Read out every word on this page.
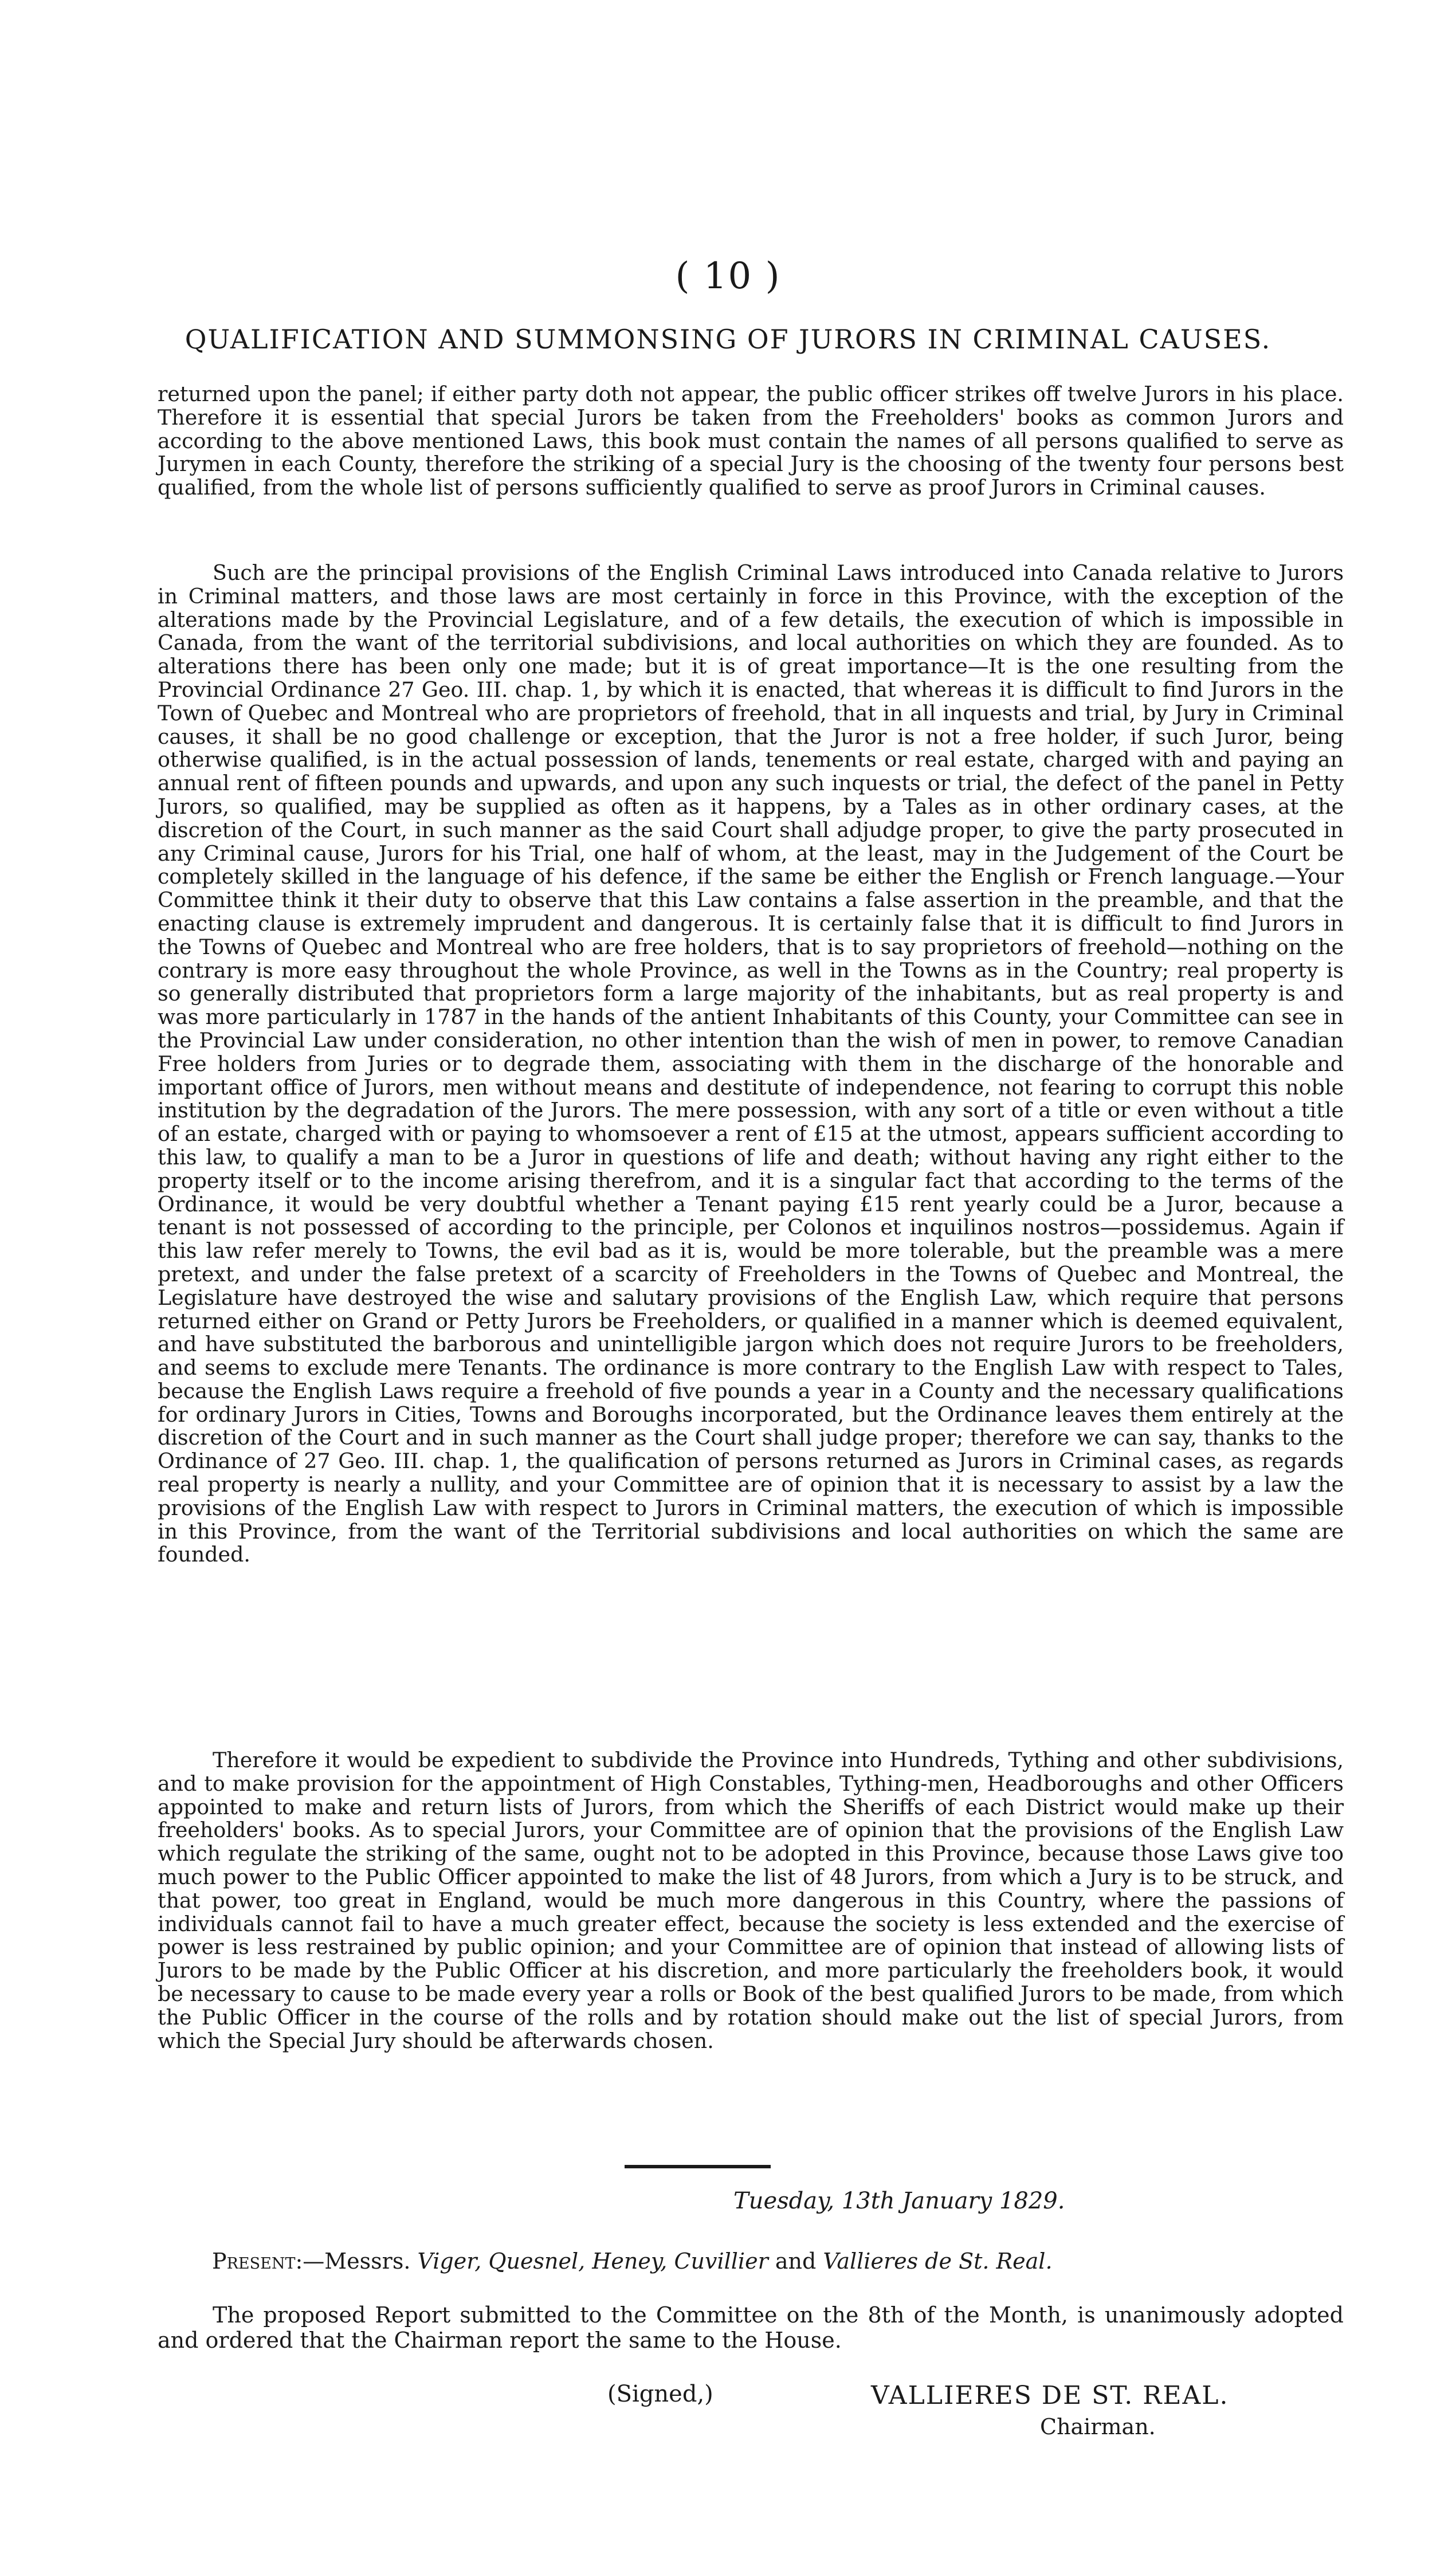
( 10 )
QUALIFICATION AND SUMMONSING OF JURORS IN CRIMINAL CAUSES.

returned upon the panel; if either party doth not appear, the public officer strikes off twelve Jurors in his place. Therefore it is essential that special Jurors be taken from the Freeholders' books as common Jurors and according to the above mentioned Laws, this book must contain the names of all persons qualified to serve as Jurymen in each County, therefore the striking of a special Jury is the choosing of the twenty four persons best qualified, from the whole list of persons sufficiently qualified to serve as proof Jurors in Criminal causes.

Such are the principal provisions of the English Criminal Laws introduced into Canada relative to Jurors in Criminal matters, and those laws are most certainly in force in this Province, with the exception of the alterations made by the Provincial Legislature, and of a few details, the execution of which is impossible in Canada, from the want of the territorial subdivisions, and local authorities on which they are founded. As to alterations there has been only one made; but it is of great importance—It is the one resulting from the Provincial Ordinance 27 Geo. III. chap. 1, by which it is enacted, that whereas it is difficult to find Jurors in the Town of Quebec and Montreal who are proprietors of freehold, that in all inquests and trial, by Jury in Criminal causes, it shall be no good challenge or exception, that the Juror is not a free holder, if such Juror, being otherwise qualified, is in the actual possession of lands, tenements or real estate, charged with and paying an annual rent of fifteen pounds and upwards, and upon any such inquests or trial, the defect of the panel in Petty Jurors, so qualified, may be supplied as often as it happens, by a Tales as in other ordinary cases, at the discretion of the Court, in such manner as the said Court shall adjudge proper, to give the party prosecuted in any Criminal cause, Jurors for his Trial, one half of whom, at the least, may in the Judgement of the Court be completely skilled in the language of his defence, if the same be either the English or French language.—Your Committee think it their duty to observe that this Law contains a false assertion in the preamble, and that the enacting clause is extremely imprudent and dangerous. It is certainly false that it is difficult to find Jurors in the Towns of Quebec and Montreal who are free holders, that is to say proprietors of freehold—nothing on the contrary is more easy throughout the whole Province, as well in the Towns as in the Country; real property is so generally distributed that proprietors form a large majority of the inhabitants, but as real property is and was more particularly in 1787 in the hands of the antient Inhabitants of this County, your Committee can see in the Provincial Law under consideration, no other intention than the wish of men in power, to remove Canadian Free holders from Juries or to degrade them, associating with them in the discharge of the honorable and important office of Jurors, men without means and destitute of independence, not fearing to corrupt this noble institution by the degradation of the Jurors. The mere possession, with any sort of a title or even without a title of an estate, charged with or paying to whomsoever a rent of £15 at the utmost, appears sufficient according to this law, to qualify a man to be a Juror in questions of life and death; without having any right either to the property itself or to the income arising therefrom, and it is a singular fact that according to the terms of the Ordinance, it would be very doubtful whether a Tenant paying £15 rent yearly could be a Juror, because a tenant is not possessed of according to the principle, per Colonos et inquilinos nostros—possidemus. Again if this law refer merely to Towns, the evil bad as it is, would be more tolerable, but the preamble was a mere pretext, and under the false pretext of a scarcity of Freeholders in the Towns of Quebec and Montreal, the Legislature have destroyed the wise and salutary provisions of the English Law, which require that persons returned either on Grand or Petty Jurors be Freeholders, or qualified in a manner which is deemed equivalent, and have substituted the barborous and unintelligible jargon which does not require Jurors to be freeholders, and seems to exclude mere Tenants. The ordinance is more contrary to the English Law with respect to Tales, because the English Laws require a freehold of five pounds a year in a County and the necessary qualifications for ordinary Jurors in Cities, Towns and Boroughs incorporated, but the Ordinance leaves them entirely at the discretion of the Court and in such manner as the Court shall judge proper; therefore we can say, thanks to the Ordinance of 27 Geo. III. chap. 1, the qualification of persons returned as Jurors in Criminal cases, as regards real property is nearly a nullity, and your Committee are of opinion that it is necessary to assist by a law the provisions of the English Law with respect to Jurors in Criminal matters, the execution of which is impossible in this Province, from the want of the Territorial subdivisions and local authorities on which the same are founded.

Therefore it would be expedient to subdivide the Province into Hundreds, Tything and other subdivisions, and to make provision for the appointment of High Constables, Tything-men, Headboroughs and other Officers appointed to make and return lists of Jurors, from which the Sheriffs of each District would make up their freeholders' books. As to special Jurors, your Committee are of opinion that the provisions of the English Law which regulate the striking of the same, ought not to be adopted in this Province, because those Laws give too much power to the Public Officer appointed to make the list of 48 Jurors, from which a Jury is to be struck, and that power, too great in England, would be much more dangerous in this Country, where the passions of individuals cannot fail to have a much greater effect, because the society is less extended and the exercise of power is less restrained by public opinion; and your Committee are of opinion that instead of allowing lists of Jurors to be made by the Public Officer at his discretion, and more particularly the freeholders book, it would be necessary to cause to be made every year a rolls or Book of the best qualified Jurors to be made, from which the Public Officer in the course of the rolls and by rotation should make out the list of special Jurors, from which the Special Jury should be afterwards chosen.

Tuesday, 13th January 1829.
Present:—Messrs. Viger, Quesnel, Heney, Cuvillier and Vallieres de St. Real.

The proposed Report submitted to the Committee on the 8th of the Month, is unanimously adopted and ordered that the Chairman report the same to the House.

(Signed,)	VALLIERES DE ST. REAL.
Chairman.
